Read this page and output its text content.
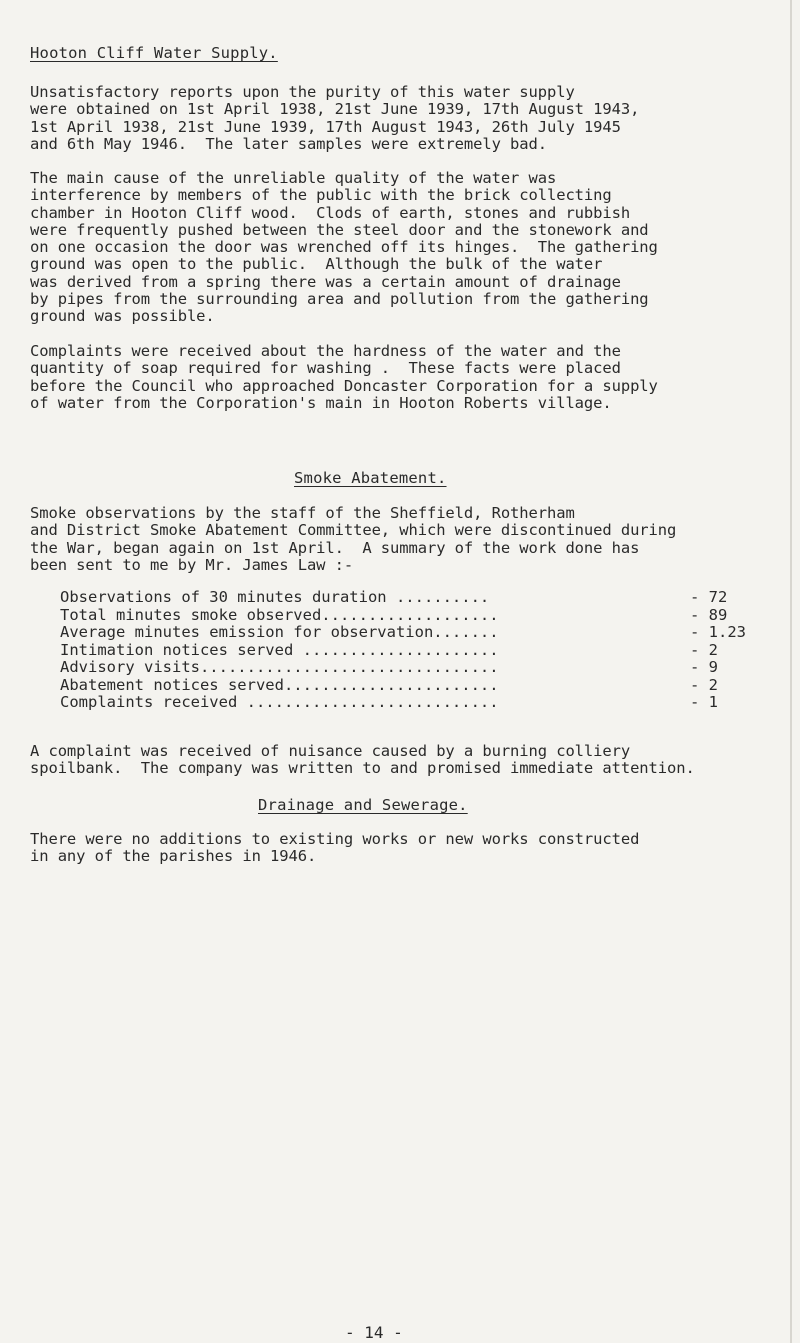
Hooton Cliff Water Supply.
Unsatisfactory reports upon the purity of this water supply
were obtained on 1st April 1938, 21st June 1939, 17th August 1943,
1st April 1938, 21st June 1939, 17th August 1943, 26th July 1945
and 6th May 1946.  The later samples were extremely bad.
The main cause of the unreliable quality of the water was
interference by members of the public with the brick collecting
chamber in Hooton Cliff wood.  Clods of earth, stones and rubbish
were frequently pushed between the steel door and the stonework and
on one occasion the door was wrenched off its hinges.  The gathering
ground was open to the public.  Although the bulk of the water
was derived from a spring there was a certain amount of drainage
by pipes from the surrounding area and pollution from the gathering
ground was possible.
Complaints were received about the hardness of the water and the
quantity of soap required for washing .  These facts were placed
before the Council who approached Doncaster Corporation for a supply
of water from the Corporation's main in Hooton Roberts village.
Smoke Abatement.
Smoke observations by the staff of the Sheffield, Rotherham
and District Smoke Abatement Committee, which were discontinued during
the War, began again on 1st April.  A summary of the work done has
been sent to me by Mr. James Law :-
Observations of 30 minutes duration ..........	- 72
Total minutes smoke observed...................	- 89
Average minutes emission for observation.......	- 1.23
Intimation notices served .....................	- 2
Advisory visits................................	- 9
Abatement notices served.......................	- 2
Complaints received ...........................	- 1
A complaint was received of nuisance caused by a burning colliery
spoilbank.  The company was written to and promised immediate attention.
Drainage and Sewerage.
There were no additions to existing works or new works constructed
in any of the parishes in 1946.
- 14 -
